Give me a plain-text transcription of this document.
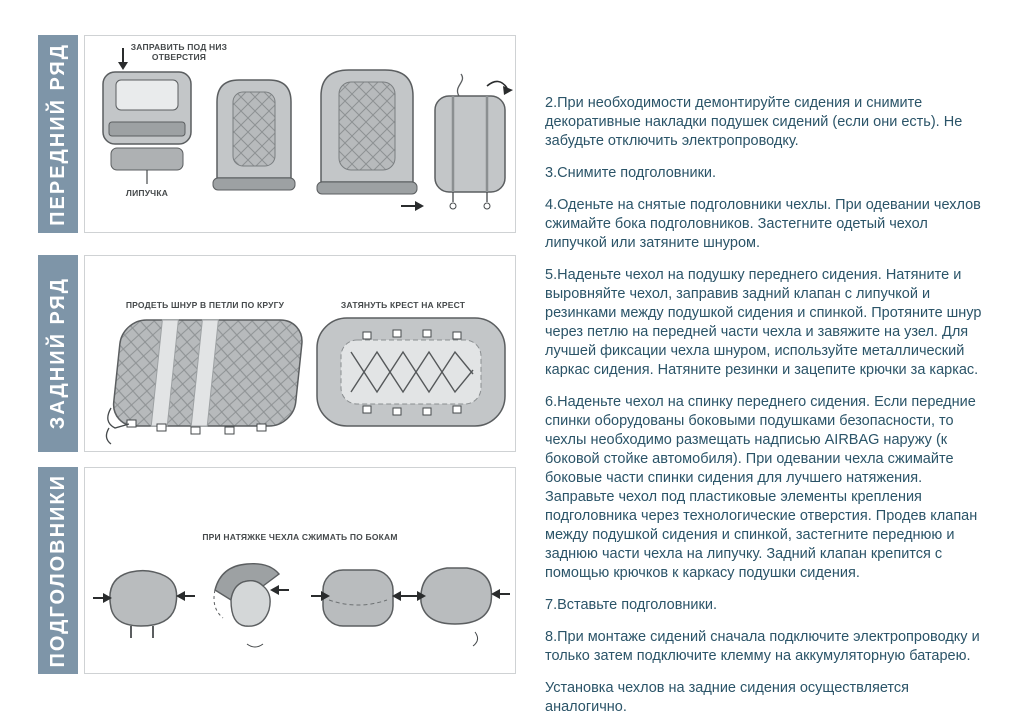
ПЕРЕДНИЙ РЯД	ЗАПРАВИТЬ ПОД НИЗ
ОТВЕРСТИЯ
ЛИПУЧКА
ЗАДНИЙ РЯД	ПРОДЕТЬ ШНУР В ПЕТЛИ ПО КРУГУ	ЗАТЯНУТЬ КРЕСТ НА КРЕСТ
ПОДГОЛОВНИКИ	ПРИ НАТЯЖКЕ ЧЕХЛА СЖИМАТЬ ПО БОКАМ

2.При необходимости демонтируйте сидения и снимите декоративные накладки подушек сидений (если они есть). Не забудьте отключить электропроводку.

3.Снимите подголовники.

4.Оденьте на снятые подголовники чехлы. При одевании чехлов сжимайте бока подголовников. Застегните одетый чехол липучкой или затяните шнуром.

5.Наденьте чехол на подушку переднего сидения. Натяните и выровняйте чехол, заправив задний клапан с липучкой и резинками между подушкой сидения и спинкой. Протяните шнур через петлю на передней части чехла и завяжите на узел. Для лучшей фиксации чехла шнуром, используйте металлический каркас сидения. Натяните резинки и зацепите крючки за каркас.

6.Наденьте чехол на спинку переднего сидения. Если передние спинки оборудованы боковыми подушками безопасности, то чехлы необходимо размещать надписью AIRBAG наружу (к боковой стойке автомобиля). При одевании чехла сжимайте боковые части спинки сидения для лучшего натяжения. Заправьте чехол под пластиковые элементы крепления подголовника через технологические отверстия. Продев клапан между подушкой сидения и спинкой, застегните переднюю и заднюю части чехла на липучку. Задний клапан крепится с помощью крючков к каркасу подушки сидения.

7.Вставьте подголовники.

8.При монтаже сидений сначала подключите электропроводку и только затем подключите клемму на аккумуляторную батарею.

Установка чехлов на задние сидения осуществляется аналогично.
